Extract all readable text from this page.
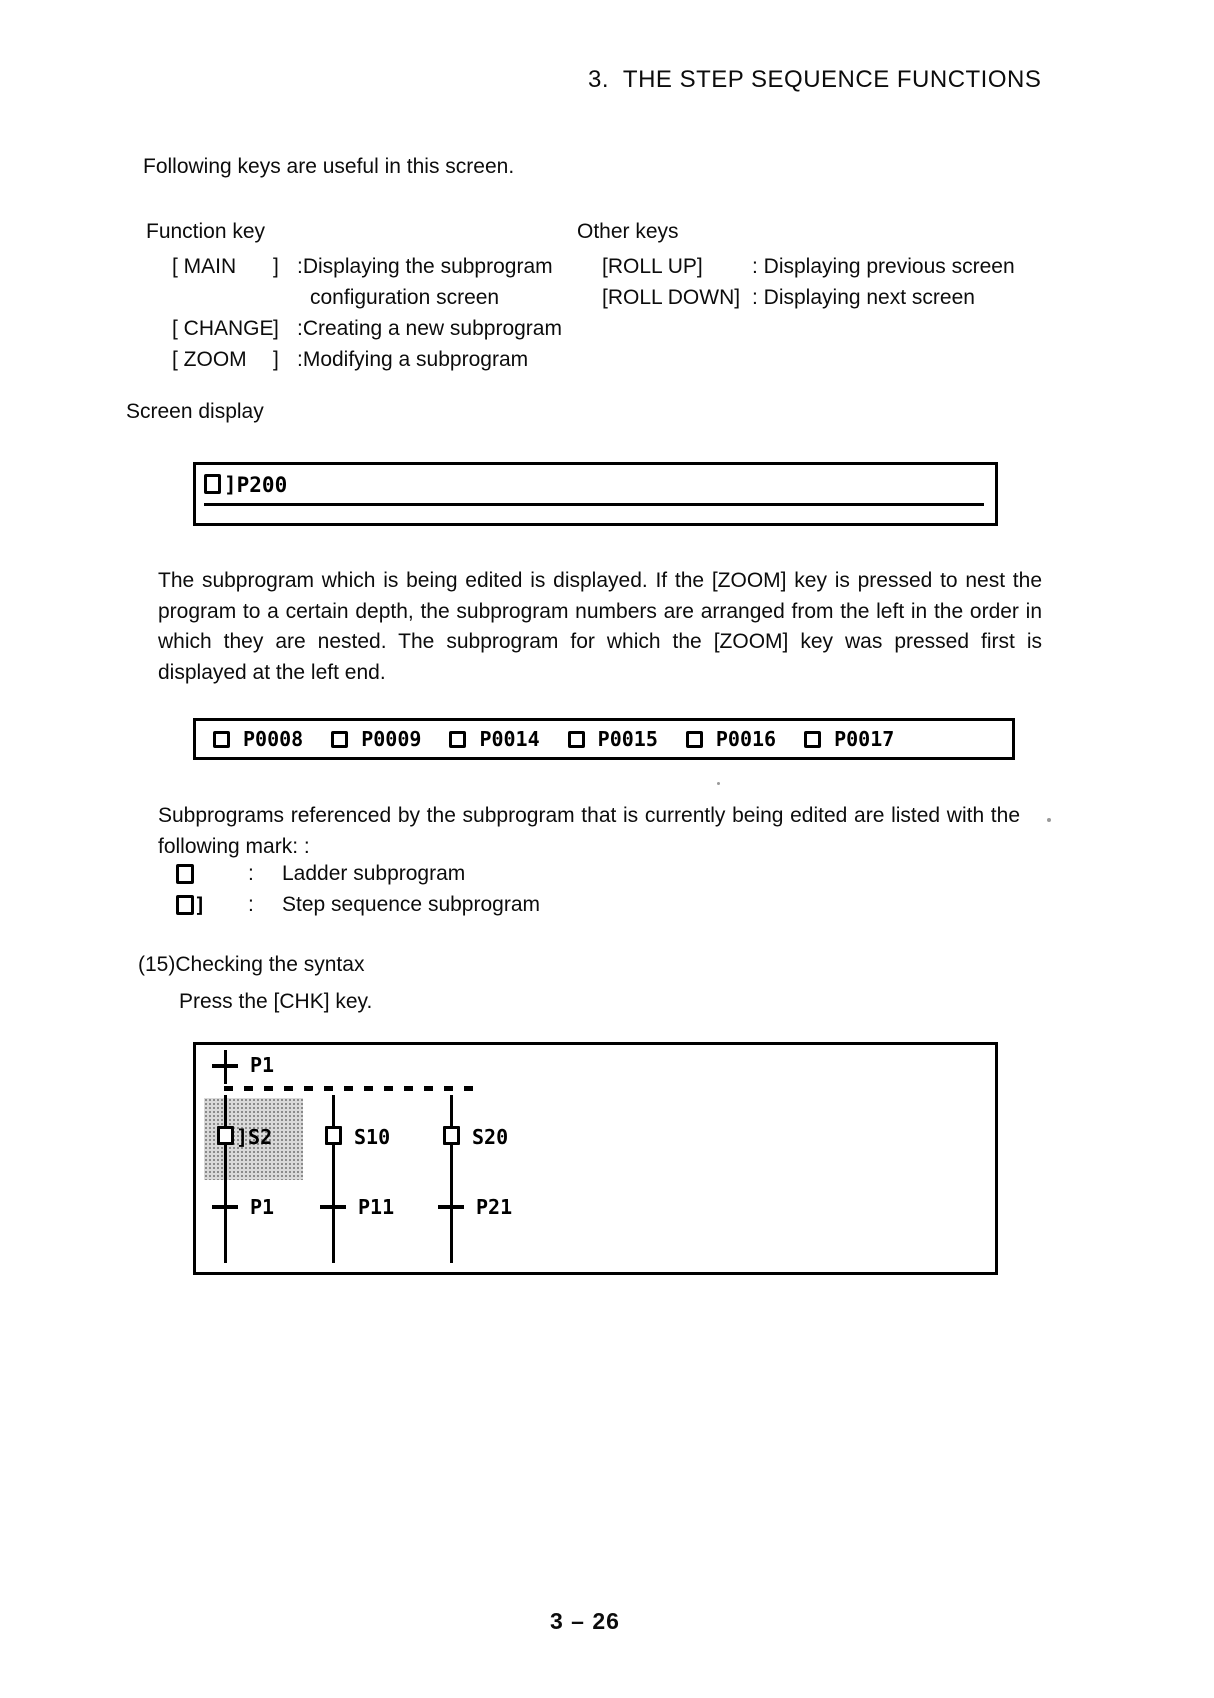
3.  THE STEP SEQUENCE FUNCTIONS
Following keys are useful in this screen.
Function key	Other keys
[ MAIN ] :Displaying the subprogram
configuration screen
[ CHANGE] :Creating a new subprogram
[ ZOOM ] :Modifying a subprogram
[ROLL UP] : Displaying previous screen
[ROLL DOWN] : Displaying next screen
Screen display
]P200
The subprogram which is being edited is displayed. If the [ZOOM] key is pressed to nest the
program to a certain depth, the subprogram numbers are arranged from the left in the order in
which they are nested. The subprogram for which the [ZOOM] key was pressed first is
displayed at the left end.
P0008	P0009	P0014	P0015	P0016	P0017
Subprograms referenced by the subprogram that is currently being edited are listed with the
following mark: :
:	Ladder subprogram
] :	Step sequence subprogram
(15)Checking the syntax
Press the [CHK] key.
P1
]S2
P1
S10
P11
S20
P21
3 – 26
